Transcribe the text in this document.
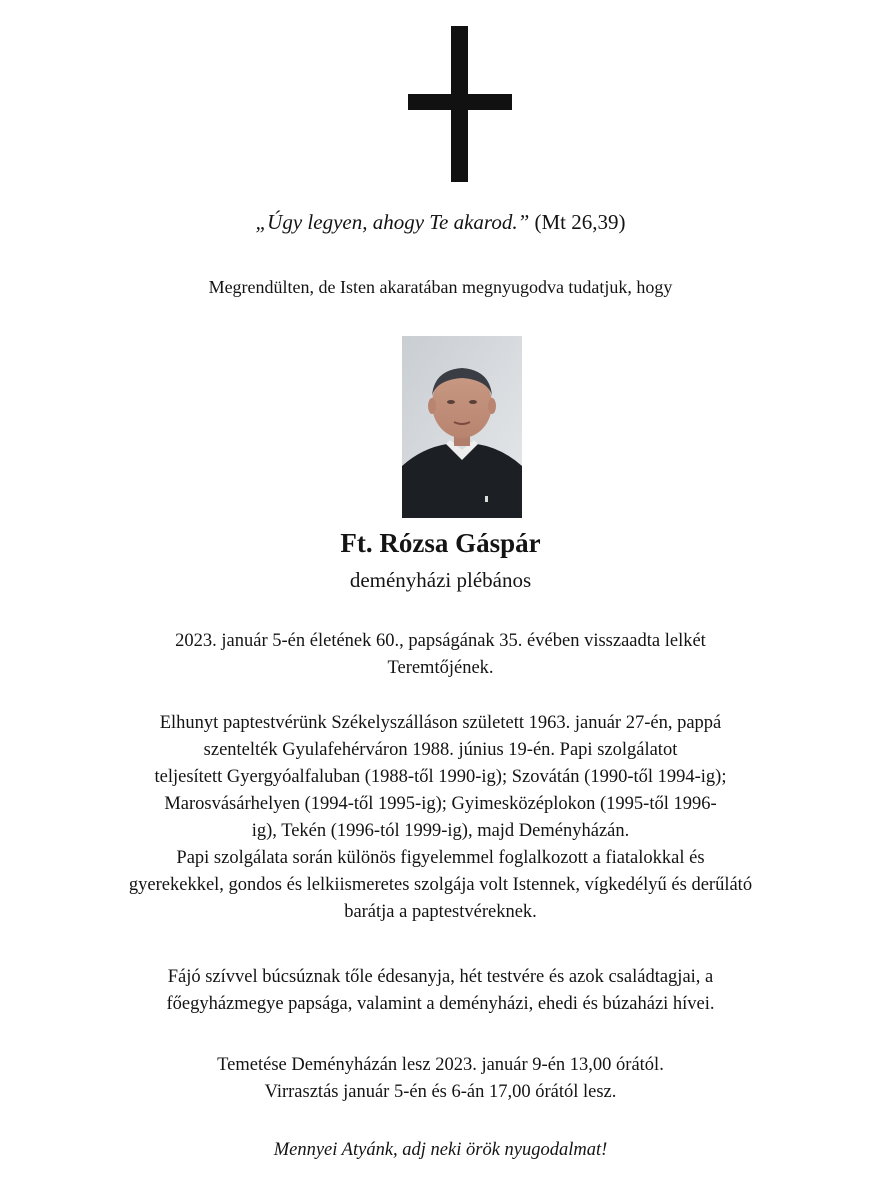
„Úgy legyen, ahogy Te akarod.” (Mt 26,39)
Megrendülten, de Isten akaratában megnyugodva tudatjuk, hogy
Ft. Rózsa Gáspár
deményházi plébános
2023. január 5-én életének 60., papságának 35. évében visszaadta lelkét
Teremtőjének.
Elhunyt paptestvérünk Székelyszálláson született 1963. január 27-én, pappá
szentelték Gyulafehérváron 1988. június 19-én. Papi szolgálatot
teljesített Gyergyóalfaluban (1988-től 1990-ig); Szovátán (1990-től 1994-ig);
Marosvásárhelyen (1994-től 1995-ig); Gyimesközéplokon (1995-től 1996-
ig), Tekén (1996-tól 1999-ig), majd Deményházán.
Papi szolgálata során különös figyelemmel foglalkozott a fiatalokkal és
gyerekekkel, gondos és lelkiismeretes szolgája volt Istennek, vígkedélyű és derűlátó
barátja a paptestvéreknek.
Fájó szívvel búcsúznak tőle édesanyja, hét testvére és azok családtagjai, a
főegyházmegye papsága, valamint a deményházi, ehedi és búzaházi hívei.
Temetése Deményházán lesz 2023. január 9-én 13,00 órától.
Virrasztás január 5-én és 6-án 17,00 órától lesz.
Mennyei Atyánk, adj neki örök nyugodalmat!
